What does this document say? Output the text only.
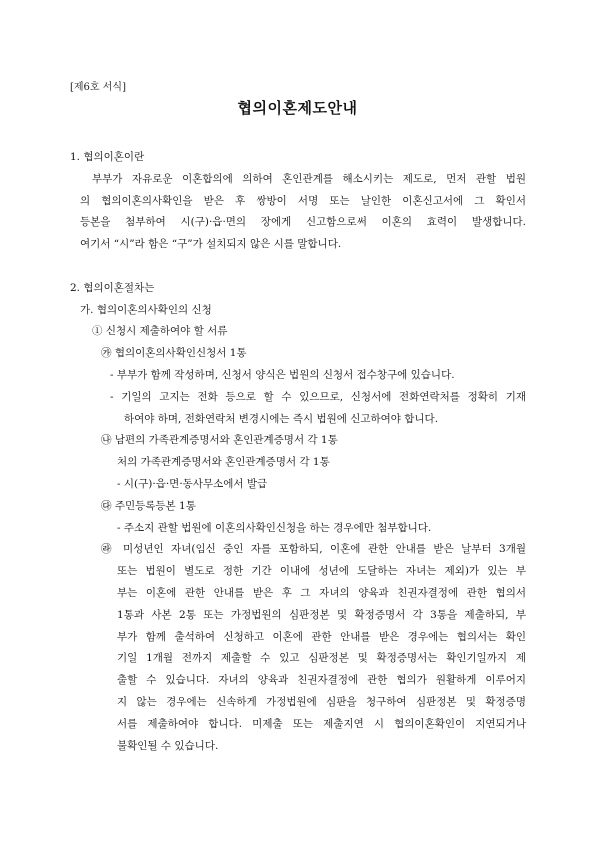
[제6호 서식]
협의이혼제도안내
1. 협의이혼이란
부부가 자유로운 이혼합의에 의하여 혼인관계를 해소시키는 제도로, 먼저 관할 법원
의 협의이혼의사확인을 받은 후 쌍방이 서명 또는 날인한 이혼신고서에 그 확인서
등본을 첨부하여 시(구)·읍·면의 장에게 신고함으로써 이혼의 효력이 발생합니다.
여기서 “시”라 함은 “구”가 설치되지 않은 시를 말합니다.
2. 협의이혼절차는
가. 협의이혼의사확인의 신청
① 신청시 제출하여야 할 서류
㉮ 협의이혼의사확인신청서 1통
- 부부가 함께 작성하며, 신청서 양식은 법원의 신청서 접수창구에 있습니다.
- 기일의 고지는 전화 등으로 할 수 있으므로, 신청서에 전화연락처를 정확히 기재
하여야 하며, 전화연락처 변경시에는 즉시 법원에 신고하여야 합니다.
㉯ 남편의 가족관계증명서와 혼인관계증명서 각 1통
처의 가족관계증명서와 혼인관계증명서 각 1통
- 시(구)·읍·면·동사무소에서 발급
㉰ 주민등록등본 1통
- 주소지 관할 법원에 이혼의사확인신청을 하는 경우에만 첨부합니다.
㉱ 미성년인 자녀(임신 중인 자를 포함하되, 이혼에 관한 안내를 받은 날부터 3개월
또는 법원이 별도로 정한 기간 이내에 성년에 도달하는 자녀는 제외)가 있는 부
부는 이혼에 관한 안내를 받은 후 그 자녀의 양육과 친권자결정에 관한 협의서
1통과 사본 2통 또는 가정법원의 심판정본 및 확정증명서 각 3통을 제출하되, 부
부가 함께 출석하여 신청하고 이혼에 관한 안내를 받은 경우에는 협의서는 확인
기일 1개월 전까지 제출할 수 있고 심판정본 및 확정증명서는 확인기일까지 제
출할 수 있습니다. 자녀의 양육과 친권자결정에 관한 협의가 원활하게 이루어지
지 않는 경우에는 신속하게 가정법원에 심판을 청구하여 심판정본 및 확정증명
서를 제출하여야 합니다. 미제출 또는 제출지연 시 협의이혼확인이 지연되거나
불확인될 수 있습니다.
